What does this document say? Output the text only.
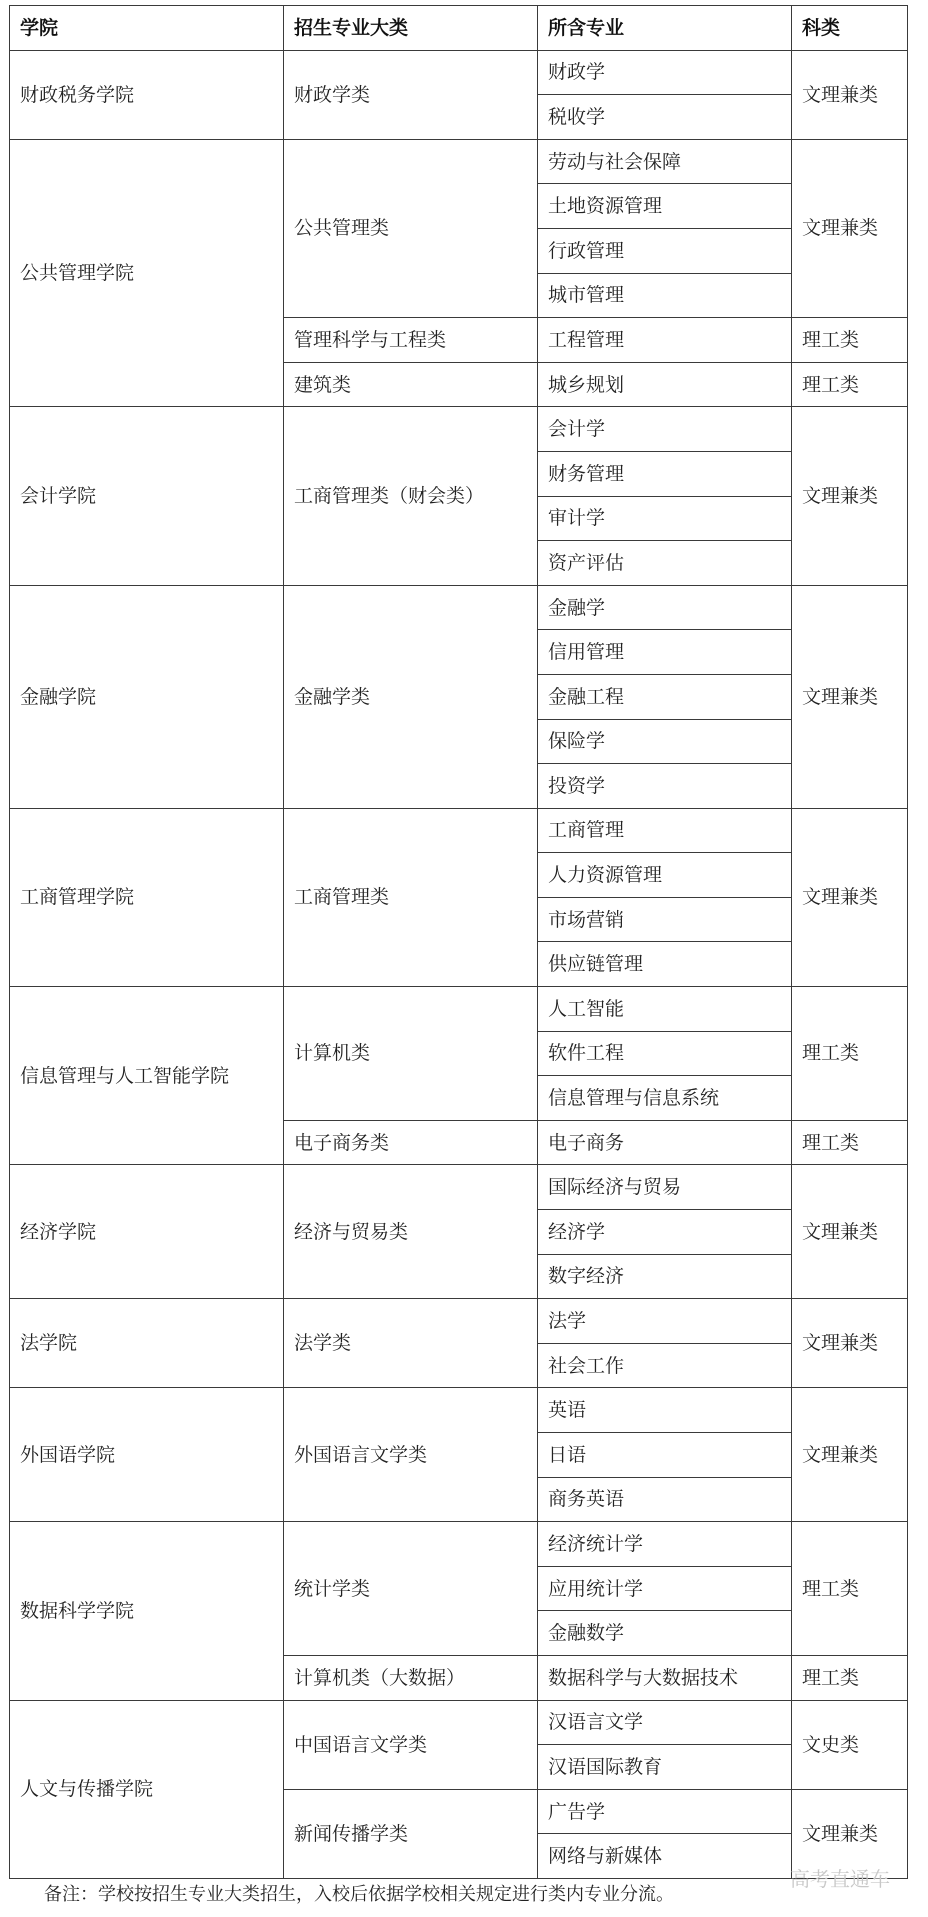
学院	招生专业大类	所含专业	科类
财政税务学院	财政学类	财政学	文理兼类
		税收学	
公共管理学院	公共管理类	劳动与社会保障	文理兼类
		土地资源管理	
		行政管理	
		城市管理	
	管理科学与工程类	工程管理	理工类
	建筑类	城乡规划	理工类
会计学院	工商管理类（财会类）	会计学	文理兼类
		财务管理	
		审计学	
		资产评估	
金融学院	金融学类	金融学	文理兼类
		信用管理	
		金融工程	
		保险学	
		投资学	
工商管理学院	工商管理类	工商管理	文理兼类
		人力资源管理	
		市场营销	
		供应链管理	
信息管理与人工智能学院	计算机类	人工智能	理工类
		软件工程	
		信息管理与信息系统	
	电子商务类	电子商务	理工类
经济学院	经济与贸易类	国际经济与贸易	文理兼类
		经济学	
		数字经济	
法学院	法学类	法学	文理兼类
		社会工作	
外国语学院	外国语言文学类	英语	文理兼类
		日语	
		商务英语	
数据科学学院	统计学类	经济统计学	理工类
		应用统计学	
		金融数学	
	计算机类（大数据）	数据科学与大数据技术	理工类
人文与传播学院	中国语言文学类	汉语言文学	文史类
		汉语国际教育	
	新闻传播学类	广告学	文理兼类
		网络与新媒体	
备注：学校按招生专业大类招生，入校后依据学校相关规定进行类内专业分流。
高考直通车
